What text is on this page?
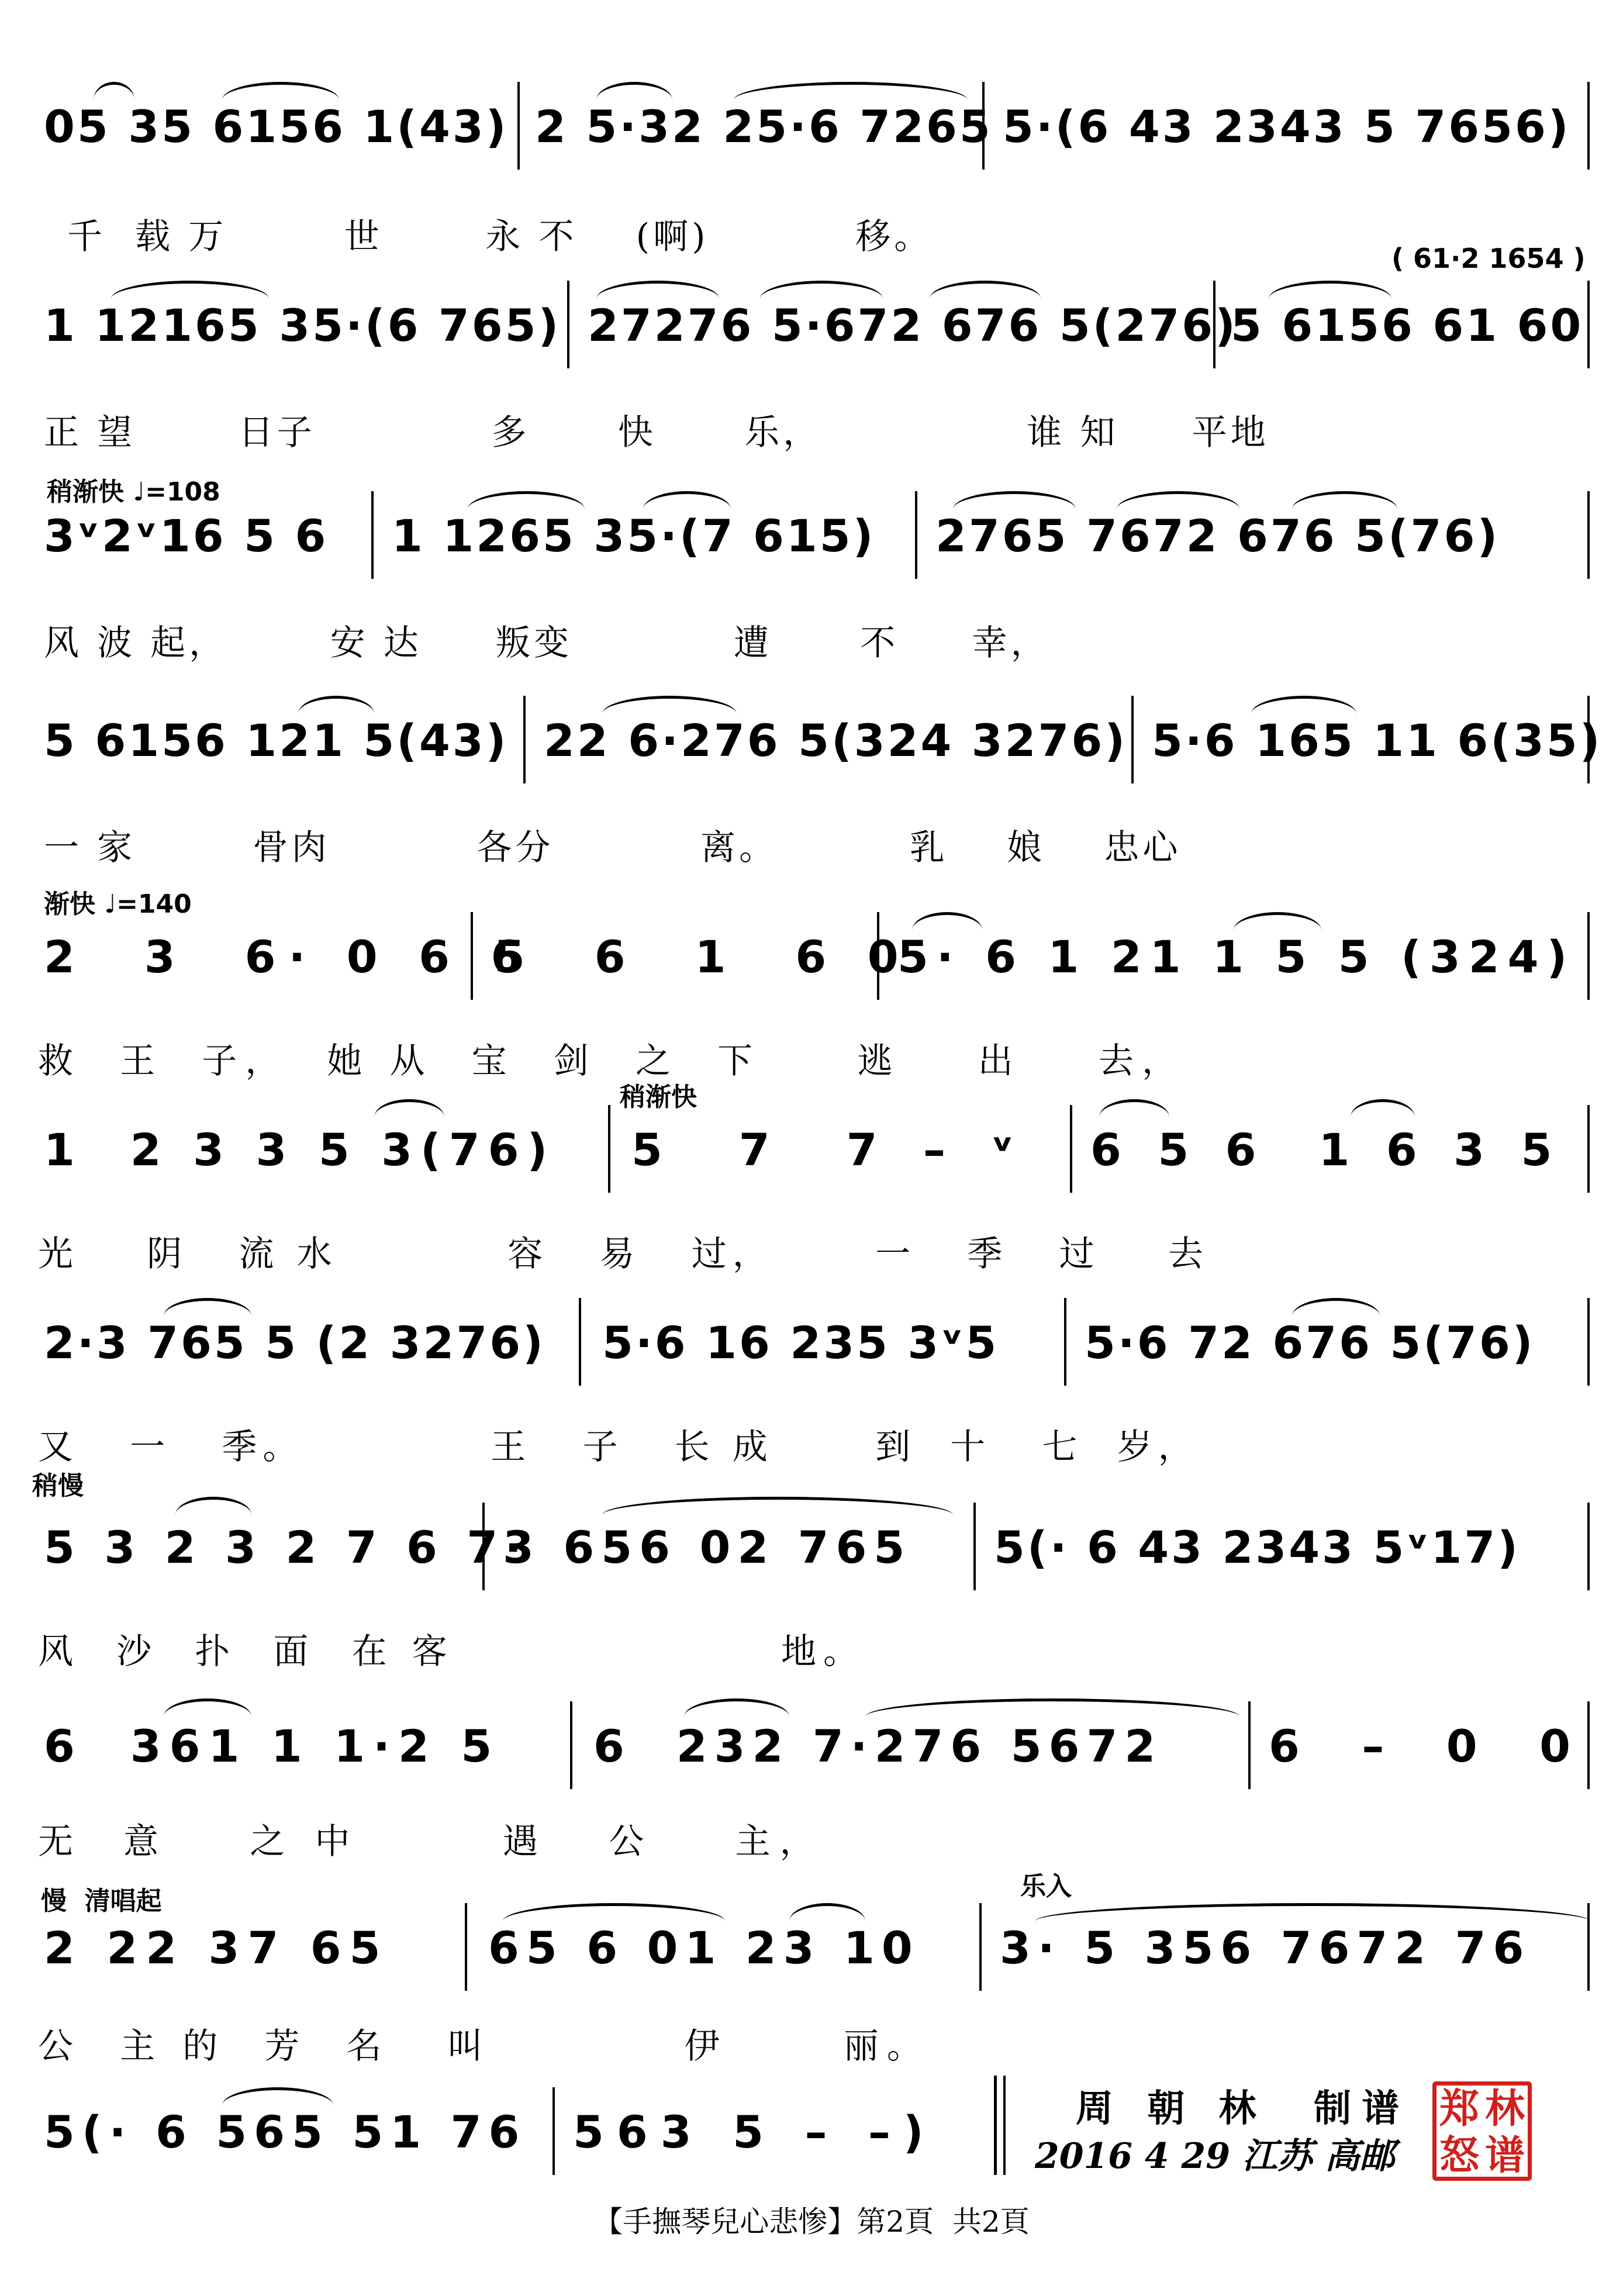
05 35 6156 1(43) 2 5·32 25·6 7265 5·(6 43 2343 5 7656)
千  载 万        世       永 不    (啊)          移。
( 61·2 1654 )
1 12165 35·(6 765) 27276 5·672 676 5(276)
5 6156 61 60
正 望       日子            多      快      乐，              谁 知     平地
稍渐快 ♩=108
3ᵛ2ᵛ16 5 6 1 1265 35·(7 615) 2765 7672 676 5(76)
风 波 起，       安 达     叛变           遭      不     幸，
5 6156 121 5(43) 22 6·276 5(324 3276) 5·6 165 11 6(35)
一 家        骨肉          各分          离。         乳    娘    忠心
渐快 ♩=140
2  3  6· 0 6 6
5  6  1  6 0
5· 6 1 21 1 5 5 (324)
救  王  子，  她 从  宝  剑  之  下     逃    出    去，
稍渐快
1  2 3 3 5 3(76) 5  7  7 – ᵛ 6 5 6  1 6 3 5
光    阴   流 水          容   易   过，      一   季   过    去
2·3 765 5 (2 3276) 5·6 16 235 3ᵛ5 5·6 72 676 5(76)
又   一   季。           王   子   长 成      到  十   七  岁，
稍慢
5 3 2 3 2 7 6 7·
3 656 02 765 5(· 6 43 2343 5ᵛ17)
风  沙  扑  面  在 客                  地。
6  361 1 1·2 5 6  232 7·276 5672 6 – 0 0
无  意    之 中       遇   公    主，
慢  清唱起	乐入
2 22 37 65 65 6 01 23 10 3· 5 356 7672 76
公  主 的  芳  名   叫          伊      丽。
5(· 6 565 51 76 563 5 – –)	周 朝 林  制谱
2016 4 29 江苏 高邮
郑 林
怒 谱
【手撫琴兒心悲惨】第2頁  共2頁
